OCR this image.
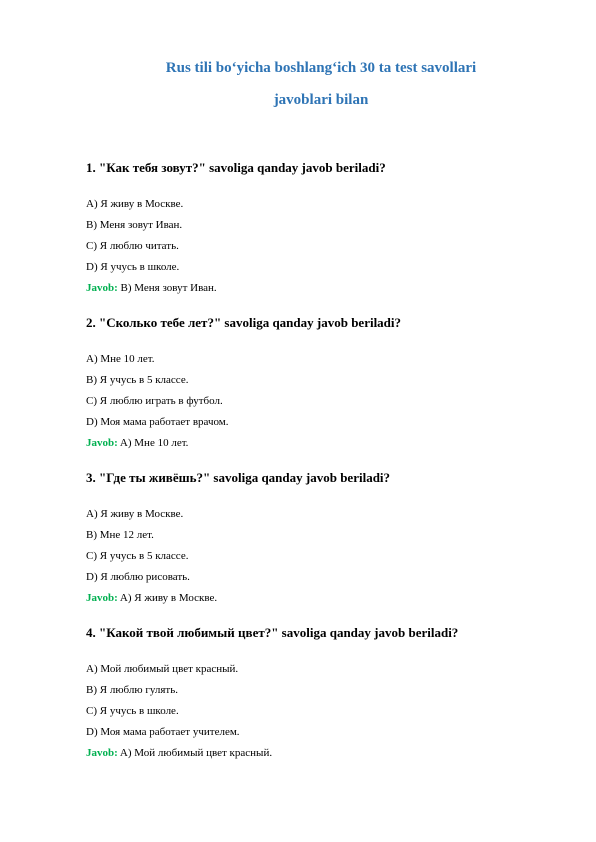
Rus tili bo‘yicha boshlang‘ich 30 ta test savollari
javoblari bilan
1. "Как тебя зовут?" savoliga qanday javob beriladi?
A) Я живу в Москве.
B) Меня зовут Иван.
C) Я люблю читать.
D) Я учусь в школе.
Javob: B) Меня зовут Иван.
2. "Сколько тебе лет?" savoliga qanday javob beriladi?
A) Мне 10 лет.
B) Я учусь в 5 классе.
C) Я люблю играть в футбол.
D) Моя мама работает врачом.
Javob: A) Мне 10 лет.
3. "Где ты живёшь?" savoliga qanday javob beriladi?
A) Я живу в Москве.
B) Мне 12 лет.
C) Я учусь в 5 классе.
D) Я люблю рисовать.
Javob: A) Я живу в Москве.
4. "Какой твой любимый цвет?" savoliga qanday javob beriladi?
A) Мой любимый цвет красный.
B) Я люблю гулять.
C) Я учусь в школе.
D) Моя мама работает учителем.
Javob: A) Мой любимый цвет красный.
